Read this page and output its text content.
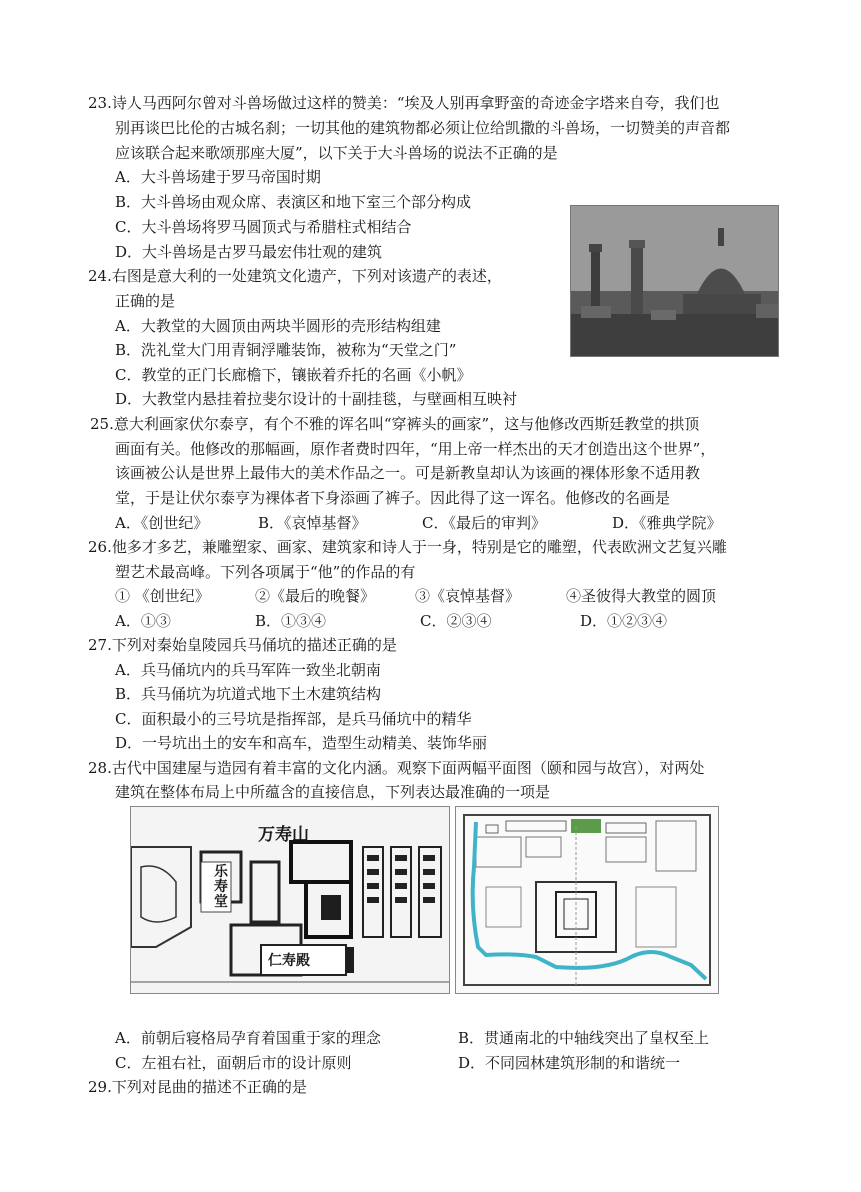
23.诗人马西阿尔曾对斗兽场做过这样的赞美：“埃及人别再拿野蛮的奇迹金字塔来自夸，我们也
别再谈巴比伦的古城名刹；一切其他的建筑物都必须让位给凯撒的斗兽场，一切赞美的声音都
应该联合起来歌颂那座大厦”，以下关于大斗兽场的说法不正确的是
A．大斗兽场建于罗马帝国时期
B．大斗兽场由观众席、表演区和地下室三个部分构成
C．大斗兽场将罗马圆顶式与希腊柱式相结合
D．大斗兽场是古罗马最宏伟壮观的建筑
24.右图是意大利的一处建筑文化遗产，下列对该遗产的表述，
正确的是
A．大教堂的大圆顶由两块半圆形的壳形结构组建
B．洗礼堂大门用青铜浮雕装饰，被称为“天堂之门”
C．教堂的正门长廊檐下，镶嵌着乔托的名画《小帆》
D．大教堂内悬挂着拉斐尔设计的十副挂毯，与壁画相互映衬
25.意大利画家伏尔泰亨，有个不雅的诨名叫“穿裤头的画家”，这与他修改西斯廷教堂的拱顶
画面有关。他修改的那幅画，原作者费时四年，“用上帝一样杰出的天才创造出这个世界”，
该画被公认是世界上最伟大的美术作品之一。可是新教皇却认为该画的裸体形象不适用教
堂，于是让伏尔泰亨为裸体者下身添画了裤子。因此得了这一诨名。他修改的名画是
A．《创世纪》	B．《哀悼基督》	C．《最后的审判》	D．《雅典学院》
26.他多才多艺，兼雕塑家、画家、建筑家和诗人于一身，特别是它的雕塑，代表欧洲文艺复兴雕
塑艺术最高峰。下列各项属于“他”的作品的有
① 《创世纪》	②《最后的晚餐》	③《哀悼基督》	④圣彼得大教堂的圆顶
A．①③	B．①③④	C．②③④	D．①②③④
27.下列对秦始皇陵园兵马俑坑的描述正确的是
A．兵马俑坑内的兵马军阵一致坐北朝南
B．兵马俑坑为坑道式地下土木建筑结构
C．面积最小的三号坑是指挥部，是兵马俑坑中的精华
D．一号坑出土的安车和高车，造型生动精美、装饰华丽
28.古代中国建屋与造园有着丰富的文化内涵。观察下面两幅平面图（颐和园与故宫），对两处
建筑在整体布局上中所蕴含的直接信息，下列表达最准确的一项是
万寿山
乐寿堂
仁寿殿
A．前朝后寝格局孕育着国重于家的理念	B．贯通南北的中轴线突出了皇权至上
C．左祖右社，面朝后市的设计原则	D．不同园林建筑形制的和谐统一
29.下列对昆曲的描述不正确的是
